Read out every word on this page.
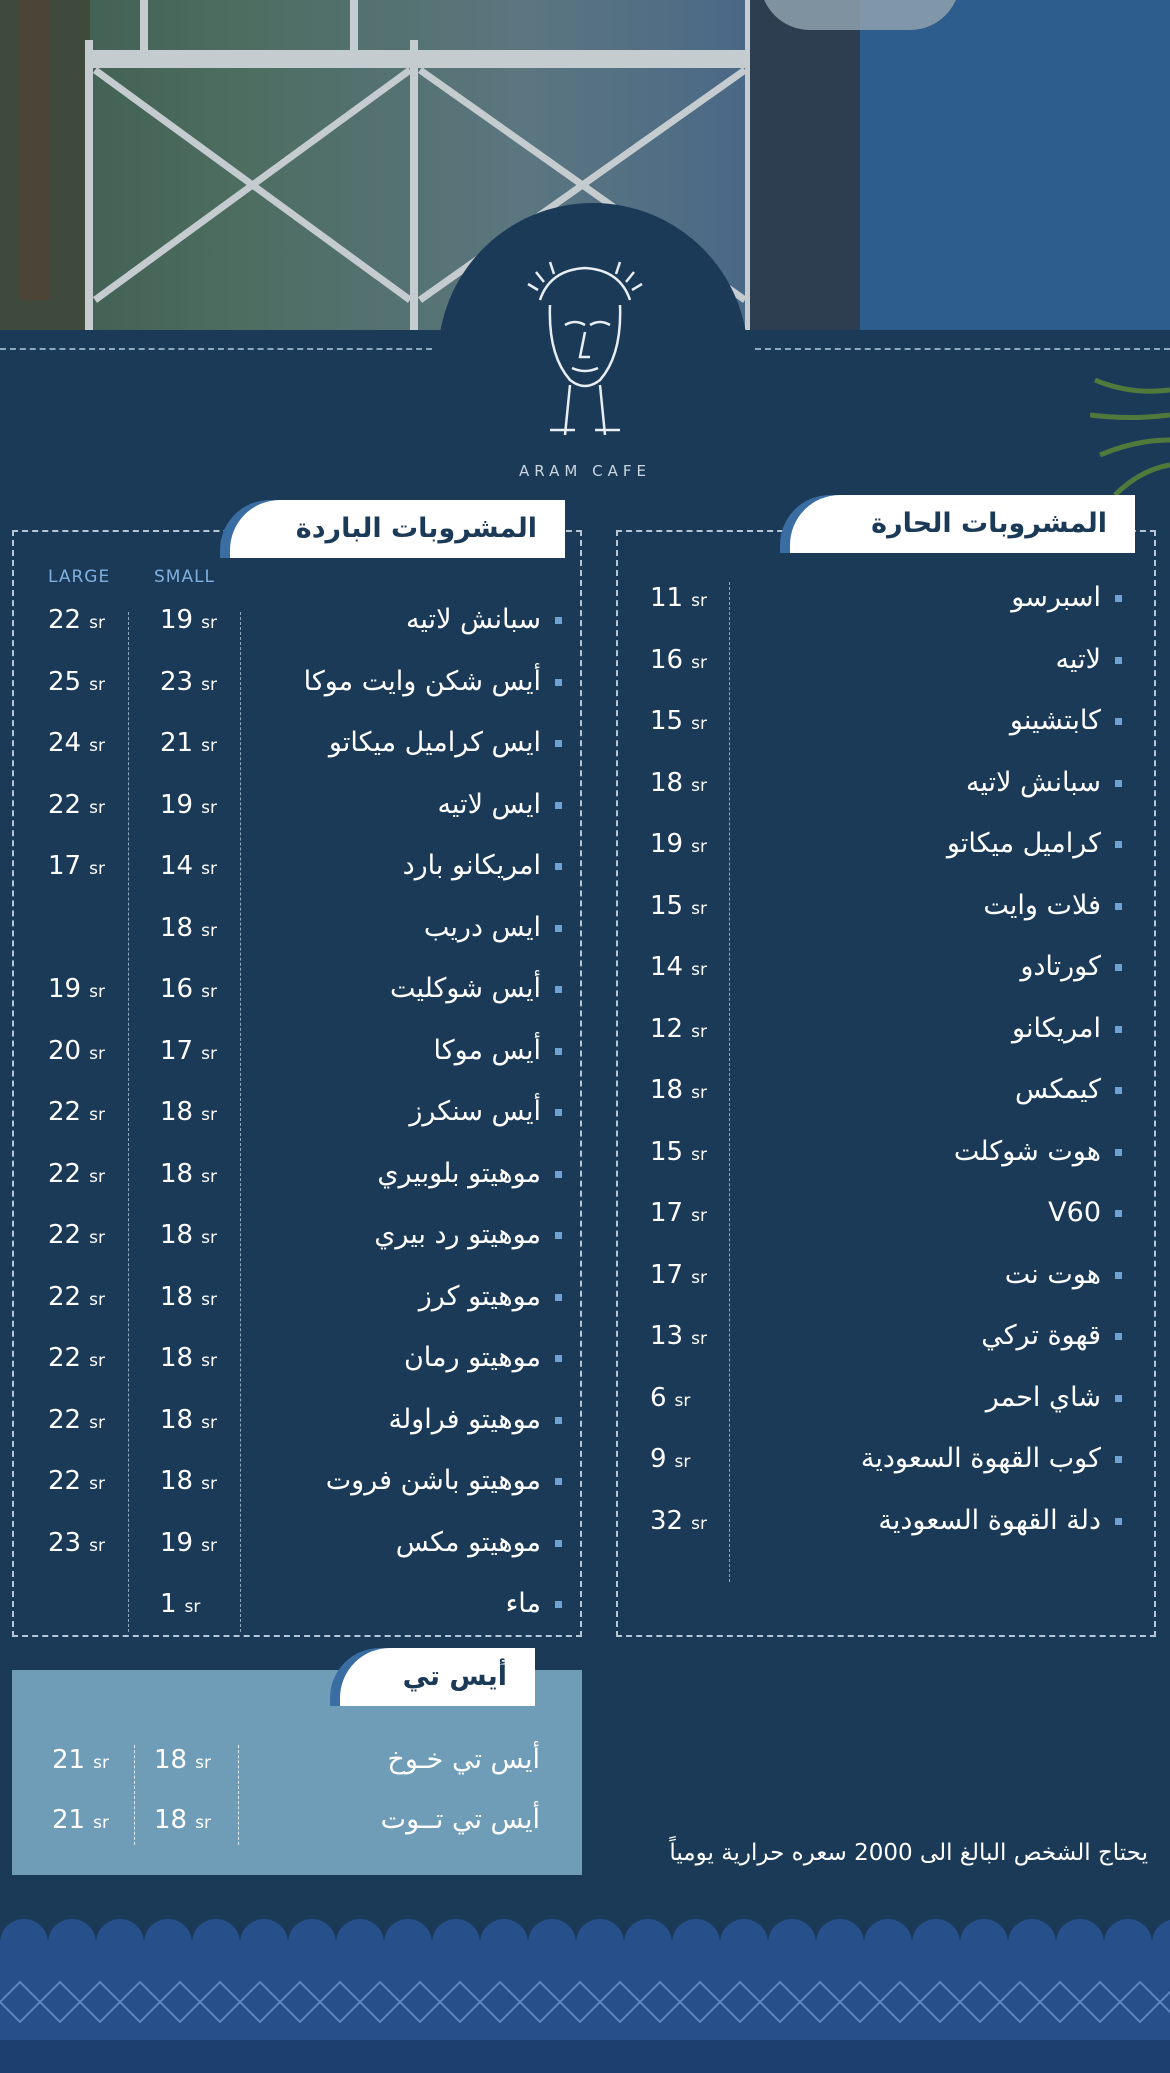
ARAM CAFE
المشروبات الحارة
اسبرسو
11 sr
لاتيه
16 sr
كابتشينو
15 sr
سبانش لاتيه
18 sr
كراميل ميكاتو
19 sr
فلات وايت
15 sr
كورتادو
14 sr
امريكانو
12 sr
كيمكس
18 sr
هوت شوكلت
15 sr
V60
17 sr
هوت نت
17 sr
قهوة تركي
13 sr
شاي احمر
6 sr
كوب القهوة السعودية
9 sr
دلة القهوة السعودية
32 sr
المشروبات الباردة
LARGE	SMALL
سبانش لاتيه
19 sr
22 sr
أيس شكن وايت موكا
23 sr
25 sr
ايس كراميل ميكاتو
21 sr
24 sr
ايس لاتيه
19 sr
22 sr
امريكانو بارد
14 sr
17 sr
ايس دريب
18 sr
أيس شوكليت
16 sr
19 sr
أيس موكا
17 sr
20 sr
أيس سنكرز
18 sr
22 sr
موهيتو بلوبيري
18 sr
22 sr
موهيتو رد بيري
18 sr
22 sr
موهيتو كرز
18 sr
22 sr
موهيتو رمان
18 sr
22 sr
موهيتو فراولة
18 sr
22 sr
موهيتو باشن فروت
18 sr
22 sr
موهيتو مكس
19 sr
23 sr
ماء
1 sr
أيس تي
أيس تي خـوخ
18 sr
21 sr
أيس تي تــوت
18 sr
21 sr
يحتاج الشخص البالغ الى 2000 سعره حرارية يومياً
